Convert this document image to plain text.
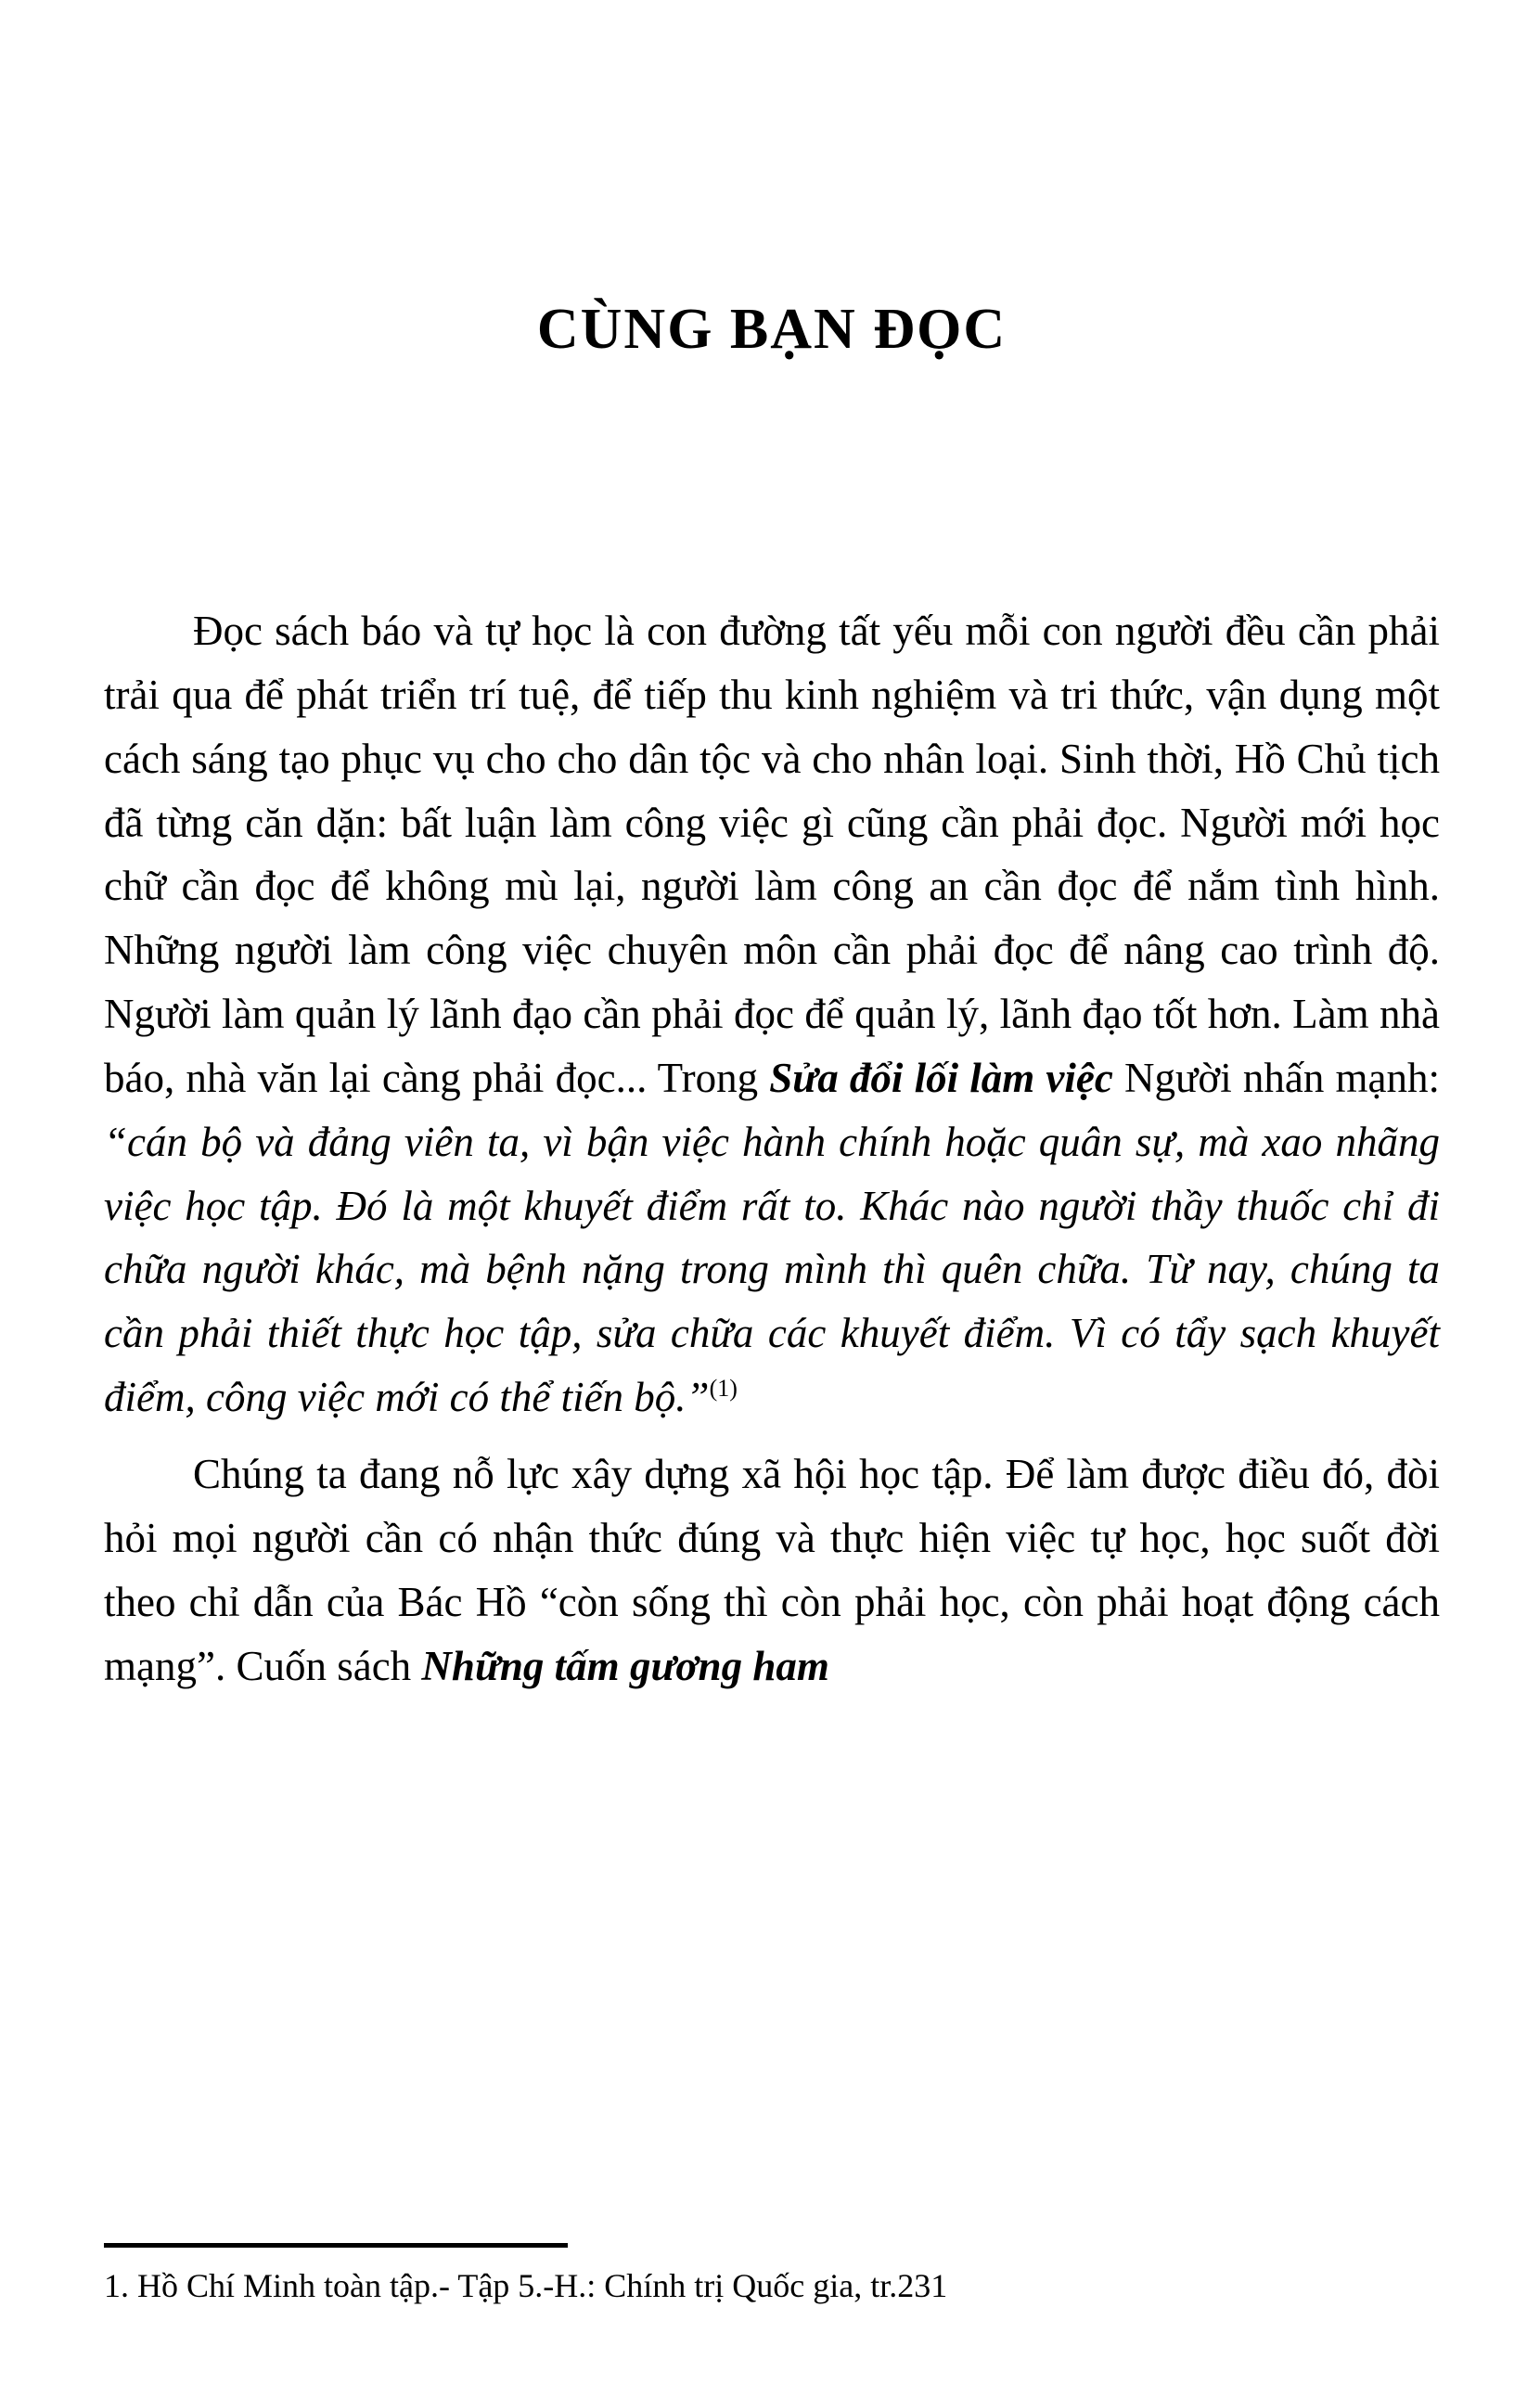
CÙNG BẠN ĐỌC

Đọc sách báo và tự học là con đường tất yếu mỗi con người đều cần phải trải qua để phát triển trí tuệ, để tiếp thu kinh nghiệm và tri thức, vận dụng một cách sáng tạo phục vụ cho cho dân tộc và cho nhân loại. Sinh thời, Hồ Chủ tịch đã từng căn dặn: bất luận làm công việc gì cũng cần phải đọc. Người mới học chữ cần đọc để không mù lại, người làm công an cần đọc để nắm tình hình. Những người làm công việc chuyên môn cần phải đọc để nâng cao trình độ. Người làm quản lý lãnh đạo cần phải đọc để quản lý, lãnh đạo tốt hơn. Làm nhà báo, nhà văn lại càng phải đọc... Trong Sửa đổi lối làm việc Người nhấn mạnh: “cán bộ và đảng viên ta, vì bận việc hành chính hoặc quân sự, mà xao nhãng việc học tập. Đó là một khuyết điểm rất to. Khác nào người thầy thuốc chỉ đi chữa người khác, mà bệnh nặng trong mình thì quên chữa. Từ nay, chúng ta cần phải thiết thực học tập, sửa chữa các khuyết điểm. Vì có tẩy sạch khuyết điểm, công việc mới có thể tiến bộ.”$^{(1)}$

Chúng ta đang nỗ lực xây dựng xã hội học tập. Để làm được điều đó, đòi hỏi mọi người cần có nhận thức đúng và thực hiện việc tự học, học suốt đời theo chỉ dẫn của Bác Hồ “còn sống thì còn phải học, còn phải hoạt động cách mạng”. Cuốn sách Những tấm gương ham

1. Hồ Chí Minh toàn tập.- Tập 5.-H.: Chính trị Quốc gia, tr.231
